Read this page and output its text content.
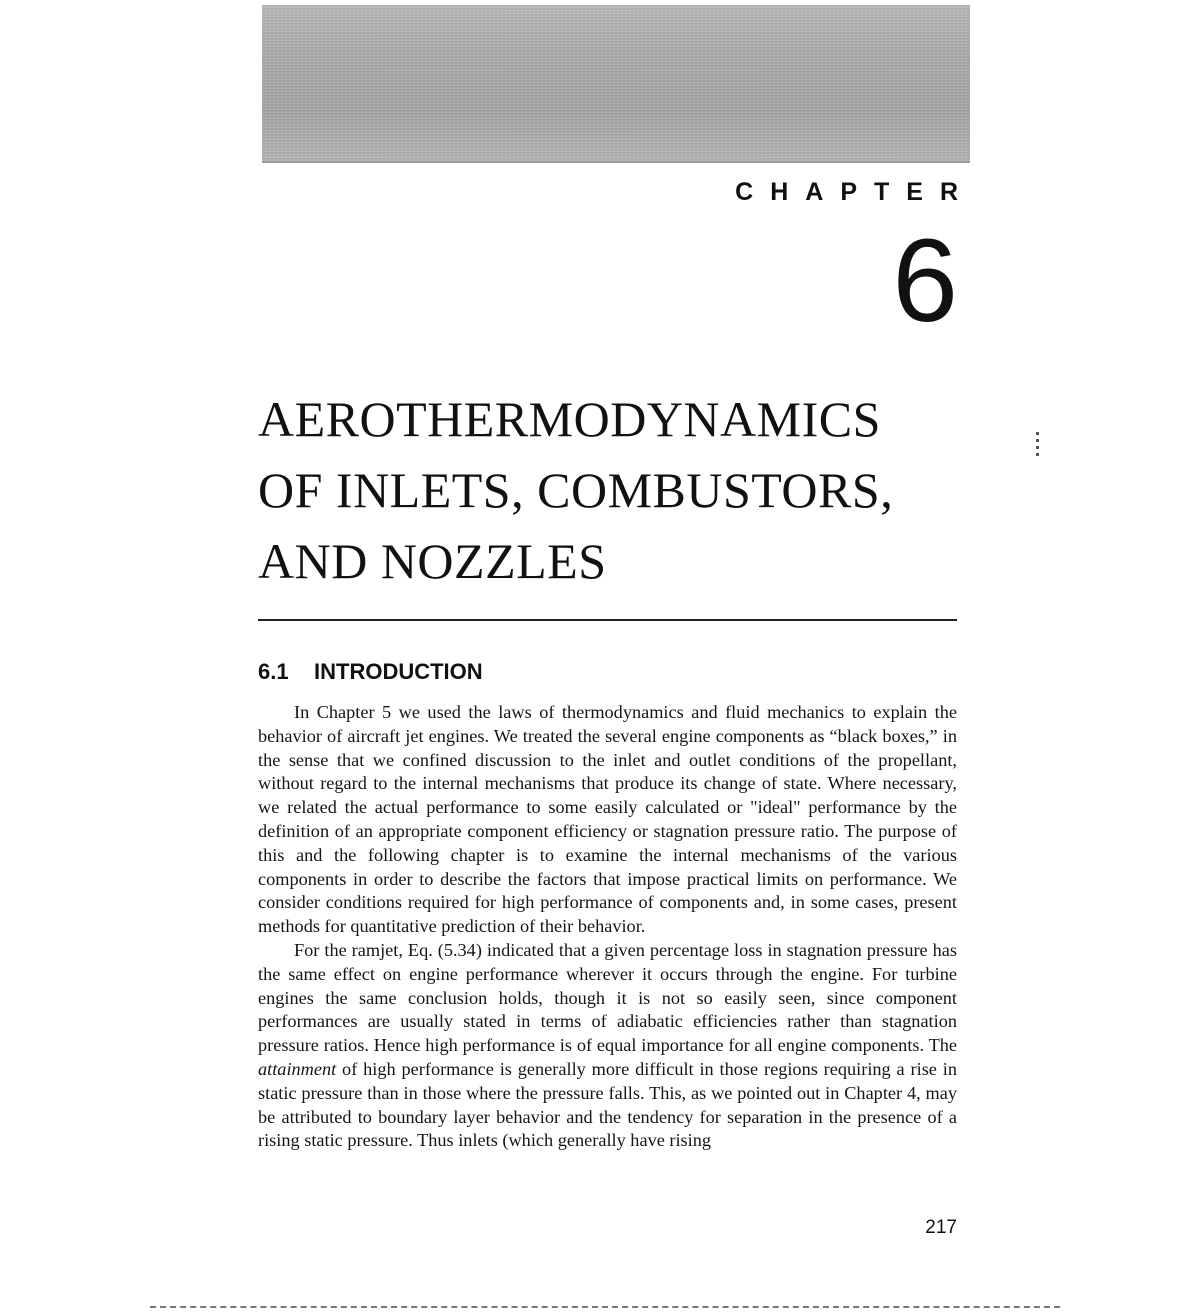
CHAPTER
6
AEROTHERMODYNAMICS
OF INLETS, COMBUSTORS,
AND NOZZLES
6.1 INTRODUCTION

In Chapter 5 we used the laws of thermodynamics and fluid mechanics to explain the behavior of aircraft jet engines. We treated the several engine components as “black boxes,” in the sense that we confined discussion to the inlet and outlet conditions of the propellant, without regard to the internal mechanisms that produce its change of state. Where necessary, we related the actual performance to some easily calculated or "ideal" performance by the definition of an appropriate component efficiency or stagnation pressure ratio. The purpose of this and the following chapter is to examine the internal mechanisms of the various components in order to describe the factors that impose practical limits on performance. We consider conditions required for high performance of components and, in some cases, present methods for quantitative prediction of their behavior.

For the ramjet, Eq. (5.34) indicated that a given percentage loss in stagnation pressure has the same effect on engine performance wherever it occurs through the engine. For turbine engines the same conclusion holds, though it is not so easily seen, since component performances are usually stated in terms of adiabatic efficiencies rather than stagnation pressure ratios. Hence high performance is of equal importance for all engine components. The attainment of high performance is generally more difficult in those regions requiring a rise in static pressure than in those where the pressure falls. This, as we pointed out in Chapter 4, may be attributed to boundary layer behavior and the tendency for separation in the presence of a rising static pressure. Thus inlets (which generally have rising

217
